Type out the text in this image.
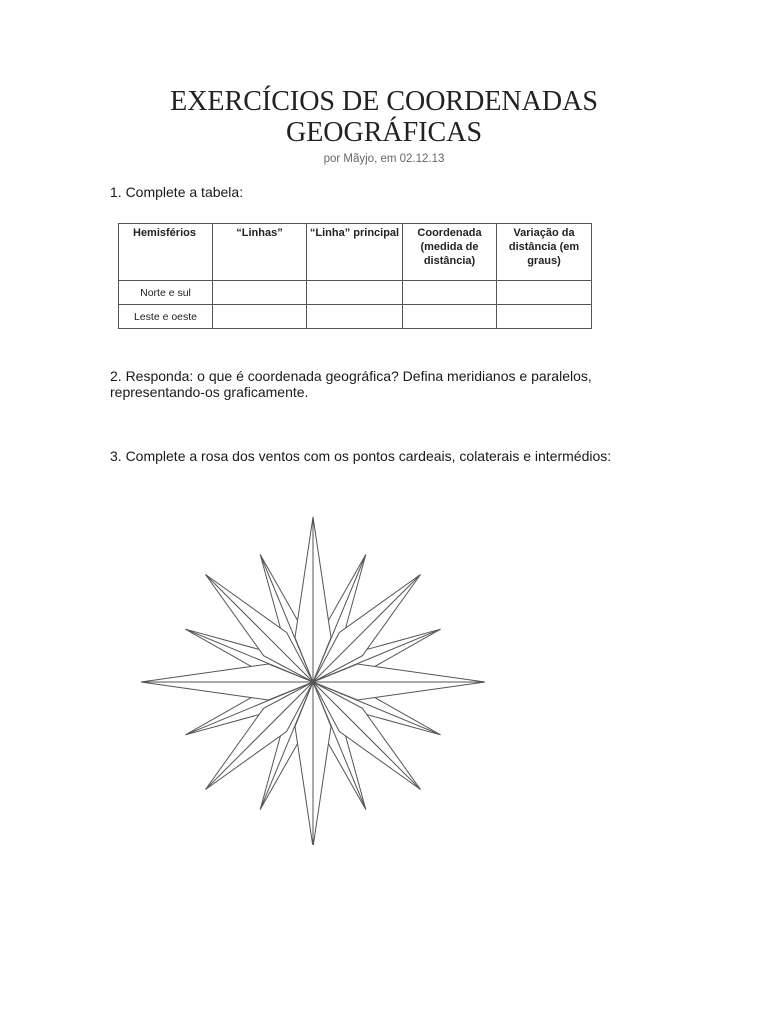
EXERCÍCIOS DE COORDENADAS
GEOGRÁFICAS
por Mãyjo, em 02.12.13
1. Complete a tabela:
Hemisférios	“Linhas”	“Linha” principal	Coordenada (medida de distância)	Variação da distância (em graus)
Norte e sul				
Leste e oeste				
2. Responda: o que é coordenada geográfica? Defina meridianos e paralelos, representando-os graficamente.
3. Complete a rosa dos ventos com os pontos cardeais, colaterais e intermédios:
